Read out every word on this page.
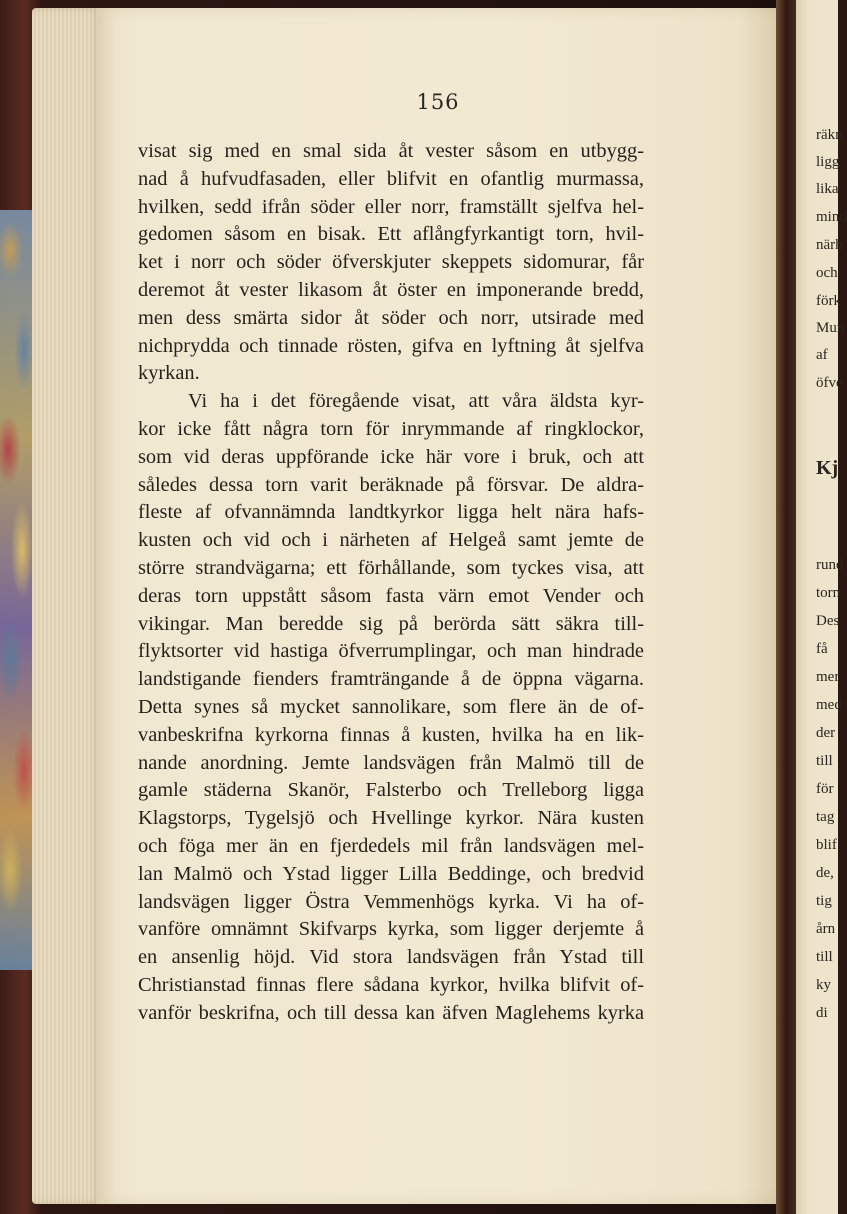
156
visat sig med en smal sida åt vester såsom en utbygg-
nad å hufvudfasaden, eller blifvit en ofantlig murmassa,
hvilken, sedd ifrån söder eller norr, framställt sjelfva hel-
gedomen såsom en bisak. Ett aflångfyrkantigt torn, hvil-
ket i norr och söder öfverskjuter skeppets sidomurar, får
deremot åt vester likasom åt öster en imponerande bredd,
men dess smärta sidor åt söder och norr, utsirade med
nichprydda och tinnade rösten, gifva en lyftning åt sjelfva
kyrkan.
Vi ha i det föregående visat, att våra äldsta kyr-
kor icke fått några torn för inrymmande af ringklockor,
som vid deras uppförande icke här vore i bruk, och att
således dessa torn varit beräknade på försvar. De aldra-
fleste af ofvannämnda landtkyrkor ligga helt nära hafs-
kusten och vid och i närheten af Helgeå samt jemte de
större strandvägarna; ett förhållande, som tyckes visa, att
deras torn uppstått såsom fasta värn emot Vender och
vikingar. Man beredde sig på berörda sätt säkra till-
flyktsorter vid hastiga öfverrumplingar, och man hindrade
landstigande fienders framträngande å de öppna vägarna.
Detta synes så mycket sannolikare, som flere än de of-
vanbeskrifna kyrkorna finnas å kusten, hvilka ha en lik-
nande anordning. Jemte landsvägen från Malmö till de
gamle städerna Skanör, Falsterbo och Trelleborg ligga
Klagstorps, Tygelsjö och Hvellinge kyrkor. Nära kusten
och föga mer än en fjerdedels mil från landsvägen mel-
lan Malmö och Ystad ligger Lilla Beddinge, och bredvid
landsvägen ligger Östra Vemmenhögs kyrka. Vi ha of-
vanföre omnämnt Skifvarps kyrka, som ligger derjemte å
en ansenlig höjd. Vid stora landsvägen från Ystad till
Christianstad finnas flere sådana kyrkor, hvilka blifvit of-
vanför beskrifna, och till dessa kan äfven Maglehems kyrka
räkn
ligg
lika
mind
närh
och
förk
Mun
af
öfve
Kj
rund
torn
Des
få
mer
med
der
till
för
tag
blif
de,
tig
årn
till
ky
di
